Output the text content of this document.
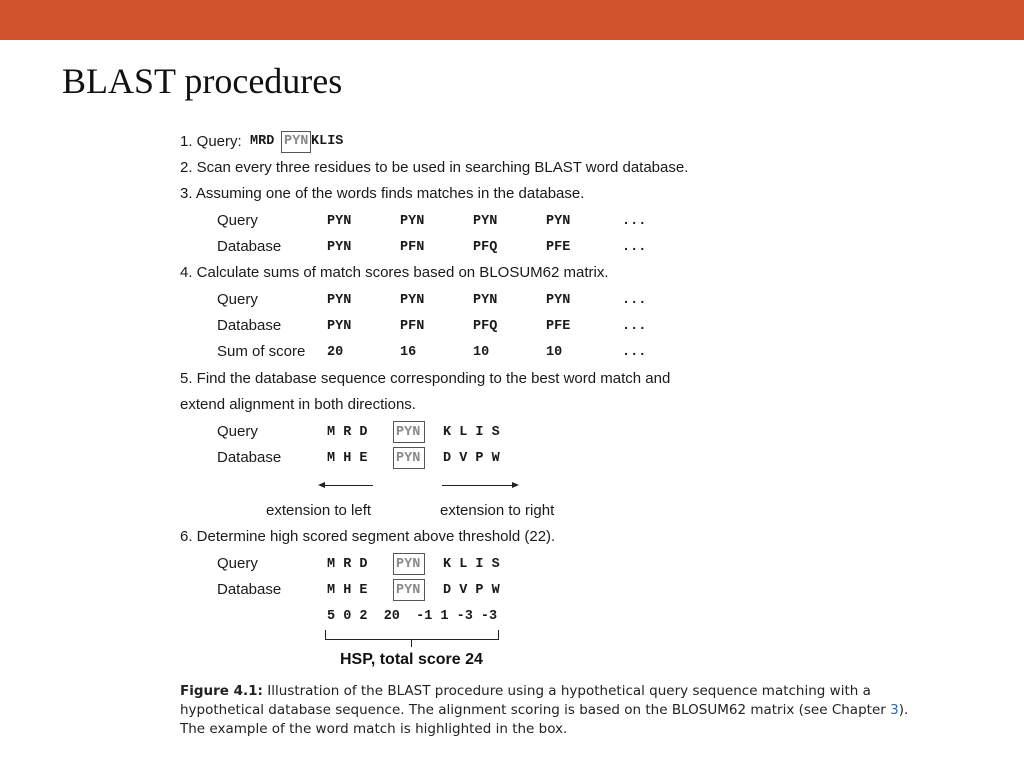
BLAST procedures
1. Query: MRD PYN KLIS
2. Scan every three residues to be used in searching BLAST word database.
3. Assuming one of the words finds matches in the database.
Query	PYN	PYN	PYN	PYN	...
Database	PYN	PFN	PFQ	PFE	...
4. Calculate sums of match scores based on BLOSUM62 matrix.
Query	PYN	PYN	PYN	PYN	...
Database	PYN	PFN	PFQ	PFE	...
Sum of score 20	16	10	10	...
5. Find the database sequence corresponding to the best word match and
extend alignment in both directions.
Query	M R D PYN K L I S
Database	M H E PYN D V P W
extension to left	extension to right
6. Determine high scored segment above threshold (22).
Query	M R D PYN K L I S
Database	M H E PYN D V P W
5 0 2  20  -1 1 -3 -3
HSP, total score 24
Figure 4.1: Illustration of the BLAST procedure using a hypothetical query sequence matching with a hypothetical database sequence. The alignment scoring is based on the BLOSUM62 matrix (see Chapter 3). The example of the word match is highlighted in the box.
